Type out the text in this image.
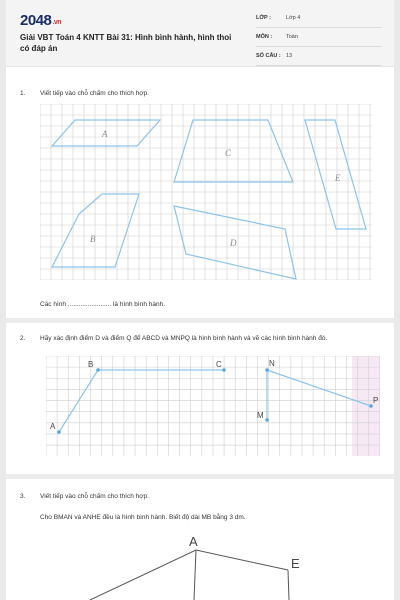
2048.vn
Giải VBT Toán 4 KNTT Bài 31: Hình bình hành, hình thoi có đáp án
LỚP :	Lớp 4
MÔN :	Toán
SỐ CÂU : 13
1. Viết tiếp vào chỗ chấm cho thích hợp.
A
C
E
B	D
Các hình ........................ là hình bình hành.
2. Hãy xác định điểm D và điểm Q để ABCD và MNPQ là hình bình hành và vẽ các hình bình hành đó.
A
B	C	N
M
P
3. Viết tiếp vào chỗ chấm cho thích hợp.
Cho BMAN và ANHE đều là hình bình hành. Biết độ dài MB bằng 3 dm.
A
E
